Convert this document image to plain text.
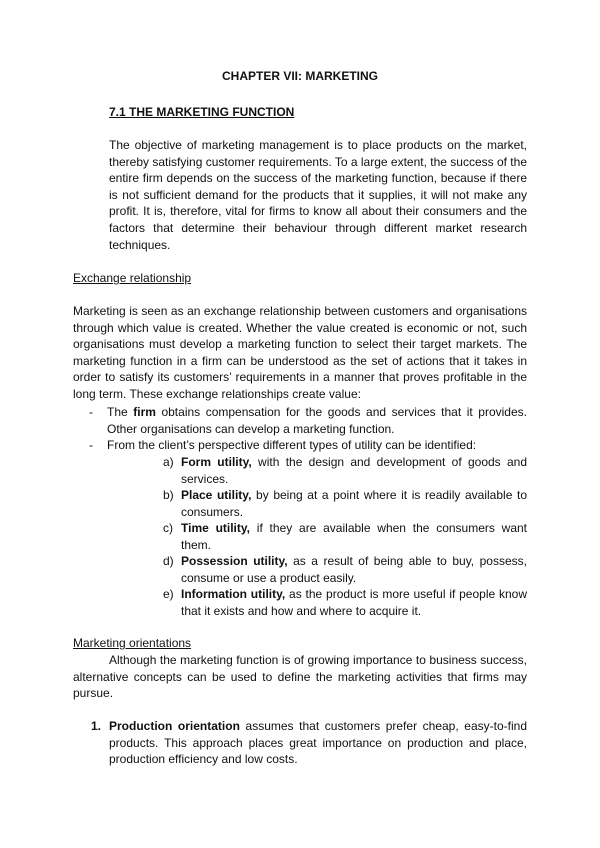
CHAPTER VII: MARKETING
7.1 THE MARKETING FUNCTION

The objective of marketing management is to place products on the market, thereby satisfying customer requirements. To a large extent, the success of the entire firm depends on the success of the marketing function, because if there is not sufficient demand for the products that it supplies, it will not make any profit. It is, therefore, vital for firms to know all about their consumers and the factors that determine their behaviour through different market research techniques.

Exchange relationship

Marketing is seen as an exchange relationship between customers and organisations through which value is created. Whether the value created is economic or not, such organisations must develop a marketing function to select their target markets. The marketing function in a firm can be understood as the set of actions that it takes in order to satisfy its customers’ requirements in a manner that proves profitable in the long term. These exchange relationships create value:

- The firm obtains compensation for the goods and services that it provides. Other organisations can develop a marketing function.
- From the client’s perspective different types of utility can be identified:
a) Form utility, with the design and development of goods and services.
b) Place utility, by being at a point where it is readily available to consumers.
c) Time utility, if they are available when the consumers want them.
d) Possession utility, as a result of being able to buy, possess, consume or use a product easily.
e) Information utility, as the product is more useful if people know that it exists and how and where to acquire it.
Marketing orientations

Although the marketing function is of growing importance to business success, alternative concepts can be used to define the marketing activities that firms may pursue.

1. Production orientation assumes that customers prefer cheap, easy-to-find products. This approach places great importance on production and place, production efficiency and low costs.
